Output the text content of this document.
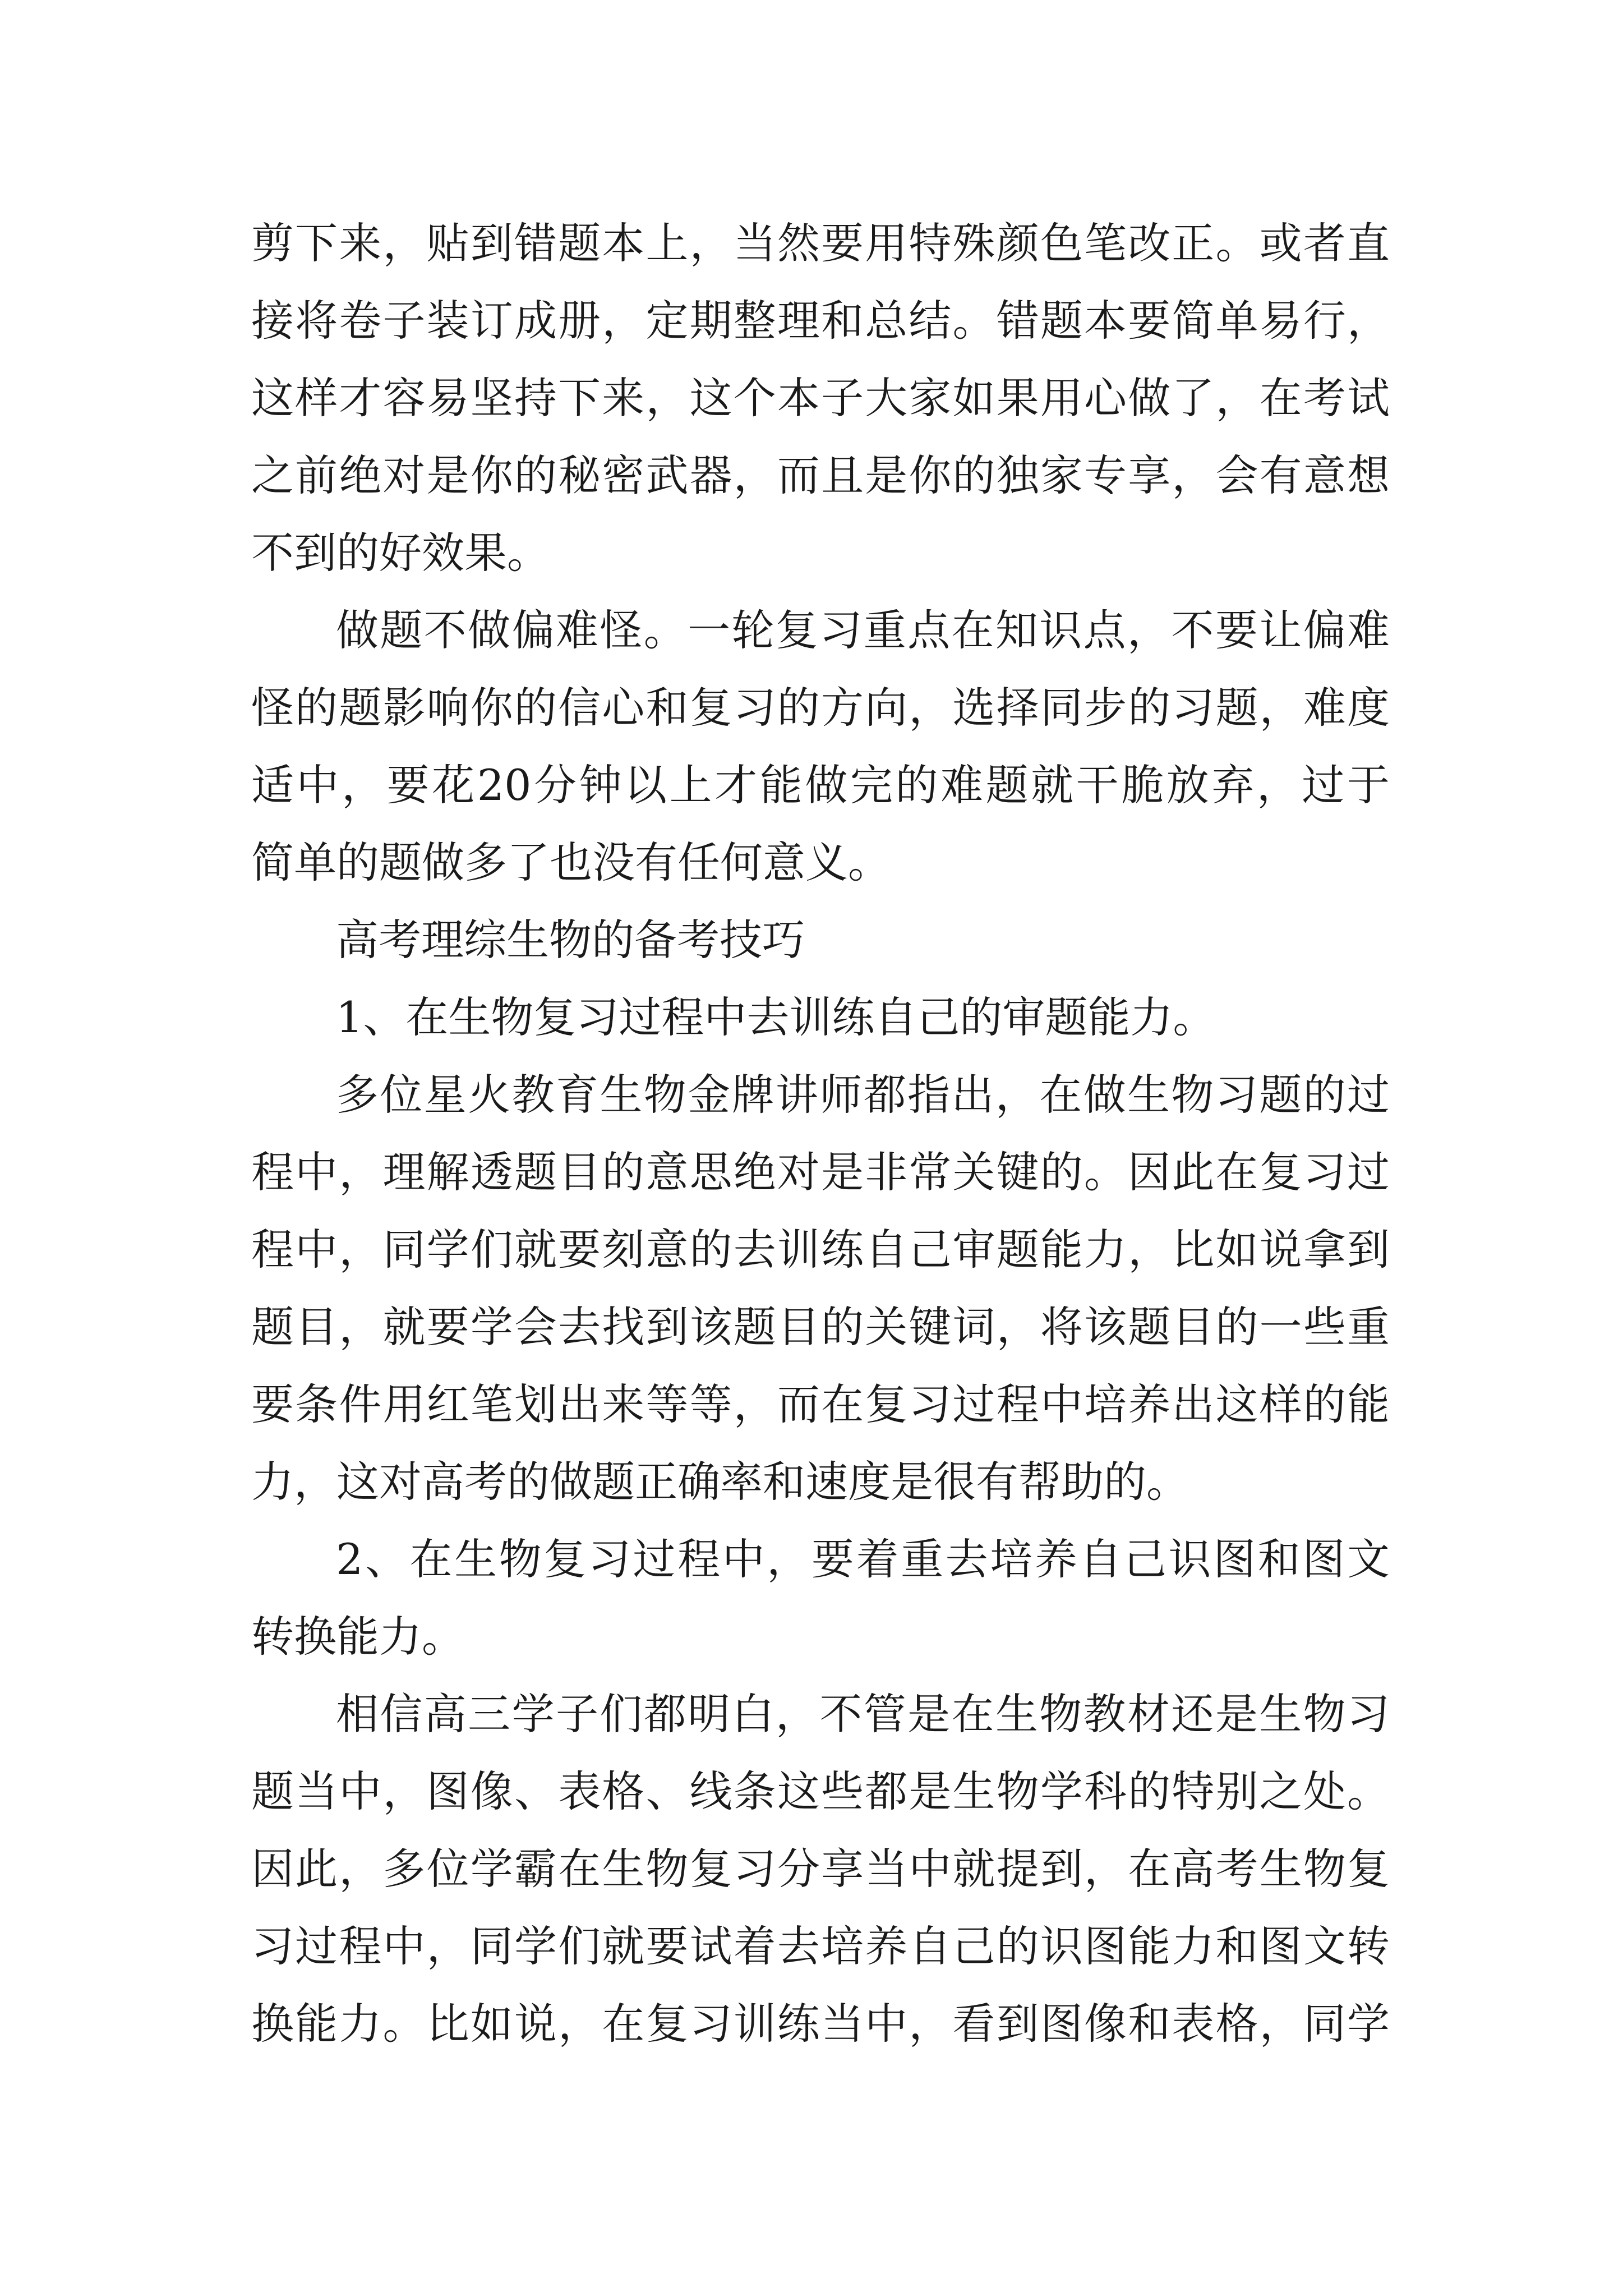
剪下来，贴到错题本上，当然要用特殊颜色笔改正。或者直
接将卷子装订成册，定期整理和总结。错题本要简单易行，
这样才容易坚持下来，这个本子大家如果用心做了，在考试
之前绝对是你的秘密武器，而且是你的独家专享，会有意想
不到的好效果。
做题不做偏难怪。一轮复习重点在知识点，不要让偏难
怪的题影响你的信心和复习的方向，选择同步的习题，难度
适中，要花20分钟以上才能做完的难题就干脆放弃，过于
简单的题做多了也没有任何意义。
高考理综生物的备考技巧
1、在生物复习过程中去训练自己的审题能力。
多位星火教育生物金牌讲师都指出，在做生物习题的过
程中，理解透题目的意思绝对是非常关键的。因此在复习过
程中，同学们就要刻意的去训练自己审题能力，比如说拿到
题目，就要学会去找到该题目的关键词，将该题目的一些重
要条件用红笔划出来等等，而在复习过程中培养出这样的能
力，这对高考的做题正确率和速度是很有帮助的。
2、在生物复习过程中，要着重去培养自己识图和图文
转换能力。
相信高三学子们都明白，不管是在生物教材还是生物习
题当中，图像、表格、线条这些都是生物学科的特别之处。
因此，多位学霸在生物复习分享当中就提到，在高考生物复
习过程中，同学们就要试着去培养自己的识图能力和图文转
换能力。比如说，在复习训练当中，看到图像和表格，同学
